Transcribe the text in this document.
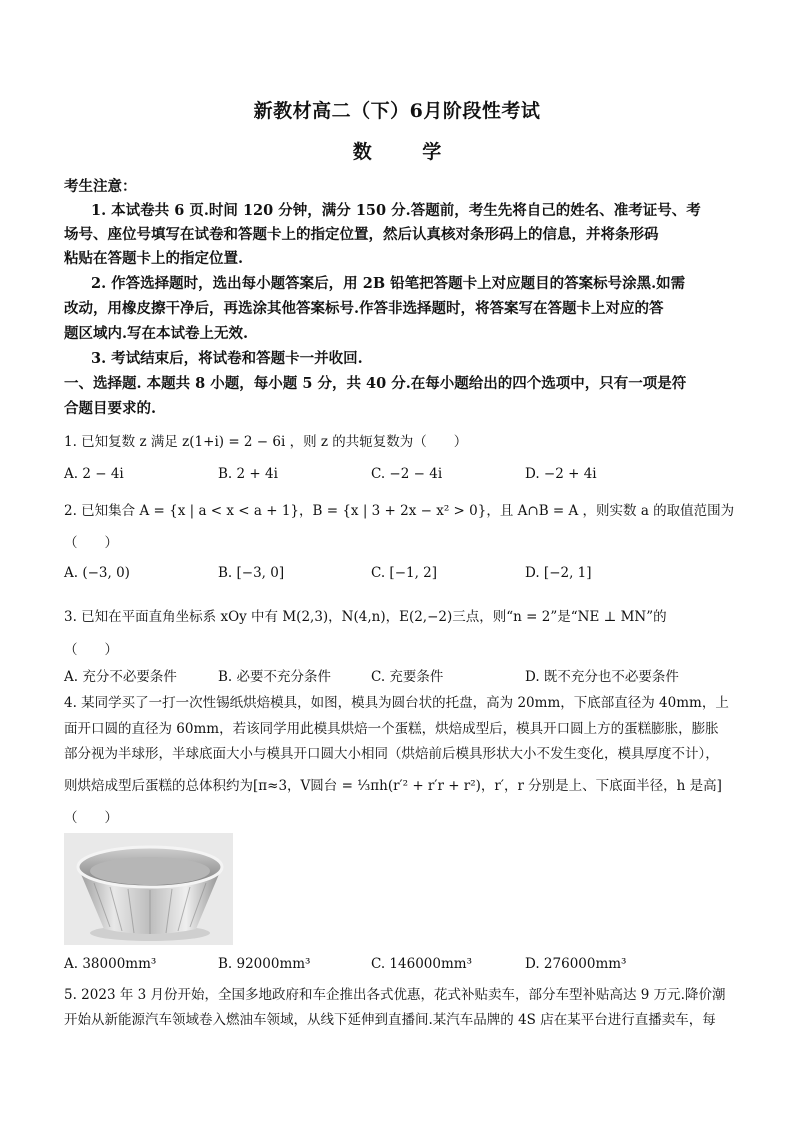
新教材高二（下）6月阶段性考试
数 学
考生注意：
1. 本试卷共 6 页.时间 120 分钟，满分 150 分.答题前，考生先将自己的姓名、准考证号、考
场号、座位号填写在试卷和答题卡上的指定位置，然后认真核对条形码上的信息，并将条形码
粘贴在答题卡上的指定位置.
2. 作答选择题时，选出每小题答案后，用 2B 铅笔把答题卡上对应题目的答案标号涂黑.如需
改动，用橡皮擦干净后，再选涂其他答案标号.作答非选择题时，将答案写在答题卡上对应的答
题区域内.写在本试卷上无效.
3. 考试结束后，将试卷和答题卡一并收回.
一、选择题. 本题共 8 小题，每小题 5 分，共 40 分.在每小题给出的四个选项中，只有一项是符
合题目要求的.
1. 已知复数 z 满足 z(1+i) = 2 − 6i ，则 z 的共轭复数为（　　）
A. 2 − 4i	B. 2 + 4i	C. −2 − 4i	D. −2 + 4i
2. 已知集合 A = {x | a < x < a + 1}，B = {x | 3 + 2x − x² > 0}，且 A∩B = A ，则实数 a 的取值范围为
（　　）
A. (−3, 0)	B. [−3, 0]	C. [−1, 2]	D. [−2, 1]
3. 已知在平面直角坐标系 xOy 中有 M(2,3)，N(4,n)，E(2,−2)三点，则“n = 2”是“NE ⊥ MN”的
（　　）
A. 充分不必要条件	B. 必要不充分条件	C. 充要条件	D. 既不充分也不必要条件
4. 某同学买了一打一次性锡纸烘焙模具，如图，模具为圆台状的托盘，高为 20mm，下底部直径为 40mm，上
面开口圆的直径为 60mm，若该同学用此模具烘焙一个蛋糕，烘焙成型后，模具开口圆上方的蛋糕膨胀，膨胀
部分视为半球形，半球底面大小与模具开口圆大小相同（烘焙前后模具形状大小不发生变化，模具厚度不计），
则烘焙成型后蛋糕的总体积约为[π≈3，V圆台 = ⅓πh(r′² + r′r + r²)，r′，r 分别是上、下底面半径，h 是高]
（　　）
A. 38000mm³	B. 92000mm³	C. 146000mm³	D. 276000mm³
5. 2023 年 3 月份开始，全国多地政府和车企推出各式优惠，花式补贴卖车，部分车型补贴高达 9 万元.降价潮
开始从新能源汽车领域卷入燃油车领域，从线下延伸到直播间.某汽车品牌的 4S 店在某平台进行直播卖车，每
